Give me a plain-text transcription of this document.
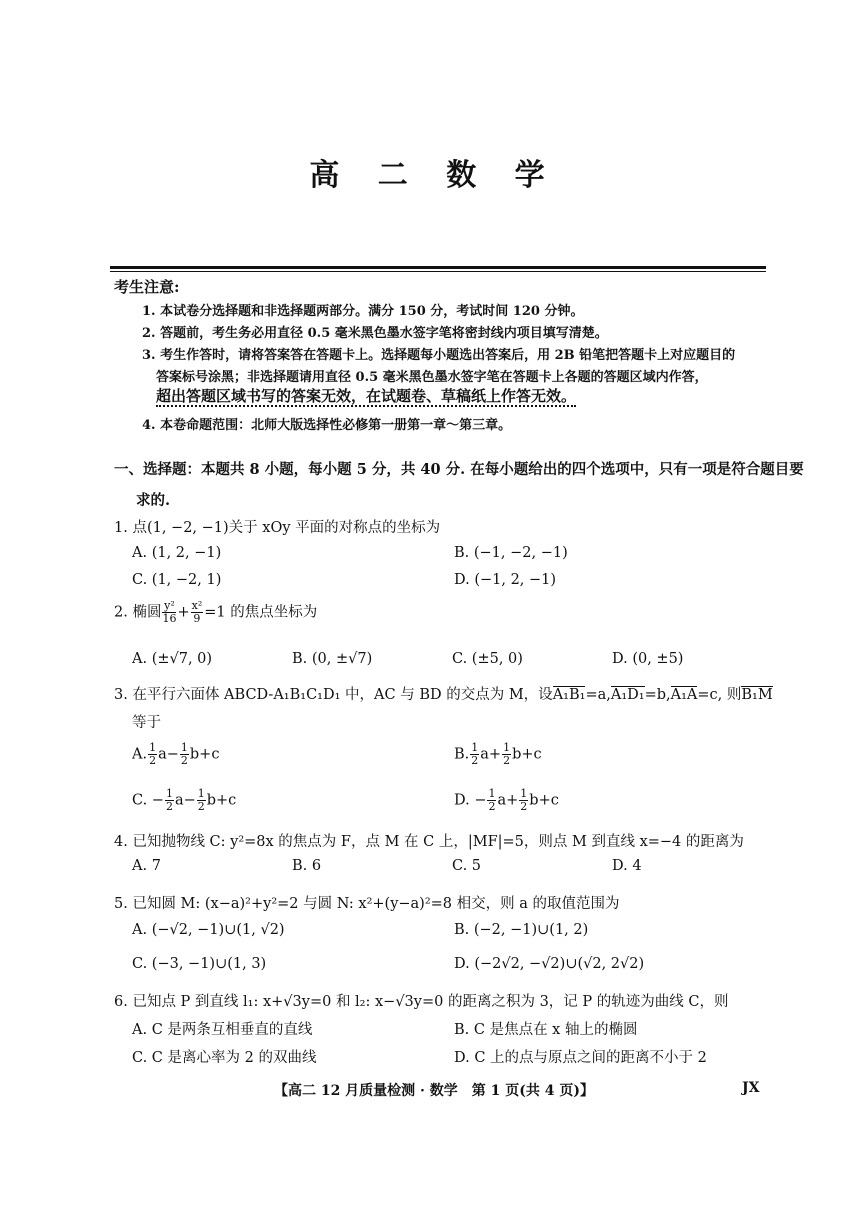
高 二 数 学
考生注意:
1. 本试卷分选择题和非选择题两部分。满分 150 分，考试时间 120 分钟。
2. 答题前，考生务必用直径 0.5 毫米黑色墨水签字笔将密封线内项目填写清楚。
3. 考生作答时，请将答案答在答题卡上。选择题每小题选出答案后，用 2B 铅笔把答题卡上对应题目的
答案标号涂黑；非选择题请用直径 0.5 毫米黑色墨水签字笔在答题卡上各题的答题区域内作答，
超出答题区域书写的答案无效，在试题卷、草稿纸上作答无效。
4. 本卷命题范围：北师大版选择性必修第一册第一章～第三章。
一、选择题：本题共 8 小题，每小题 5 分，共 40 分. 在每小题给出的四个选项中，只有一项是符合题目要
求的.
1. 点(1, −2, −1)关于 xOy 平面的对称点的坐标为
A. (1, 2, −1)	B. (−1, −2, −1)
C. (1, −2, 1)	D. (−1, 2, −1)
2. 椭圆 $\frac{\text{y²}}{16} + \frac{\text{x²}}{9} =1$ 的焦点坐标为
A. (±√7, 0)	B. (0, ±√7)	C. (±5, 0)	D. (0, ±5)
3. 在平行六面体 ABCD-A₁B₁C₁D₁ 中，AC 与 BD 的交点为 M，设A₁B₁=a,A₁D₁=b,A₁A=c, 则B₁M
等于
A. $\frac{1}{2} a- \frac{1}{2} b+c$	B. $\frac{1}{2} a+ \frac{1}{2} b+c$
C. − $\frac{1}{2} a- \frac{1}{2} b+c$	D. − $\frac{1}{2} a+ \frac{1}{2} b+c$
4. 已知抛物线 C: y²=8x 的焦点为 F，点 M 在 C 上，|MF|=5，则点 M 到直线 x=−4 的距离为
A. 7	B. 6	C. 5	D. 4
5. 已知圆 M: (x−a)²+y²=2 与圆 N: x²+(y−a)²=8 相交，则 a 的取值范围为
A. (−√2, −1)∪(1, √2)	B. (−2, −1)∪(1, 2)
C. (−3, −1)∪(1, 3)	D. (−2√2, −√2)∪(√2, 2√2)
6. 已知点 P 到直线 l₁: x+√3y=0 和 l₂: x−√3y=0 的距离之积为 3，记 P 的轨迹为曲线 C，则
A. C 是两条互相垂直的直线	B. C 是焦点在 x 轴上的椭圆
C. C 是离心率为 2 的双曲线	D. C 上的点与原点之间的距离不小于 2
【高二 12 月质量检测 · 数学　第 1 页(共 4 页)】	JX
